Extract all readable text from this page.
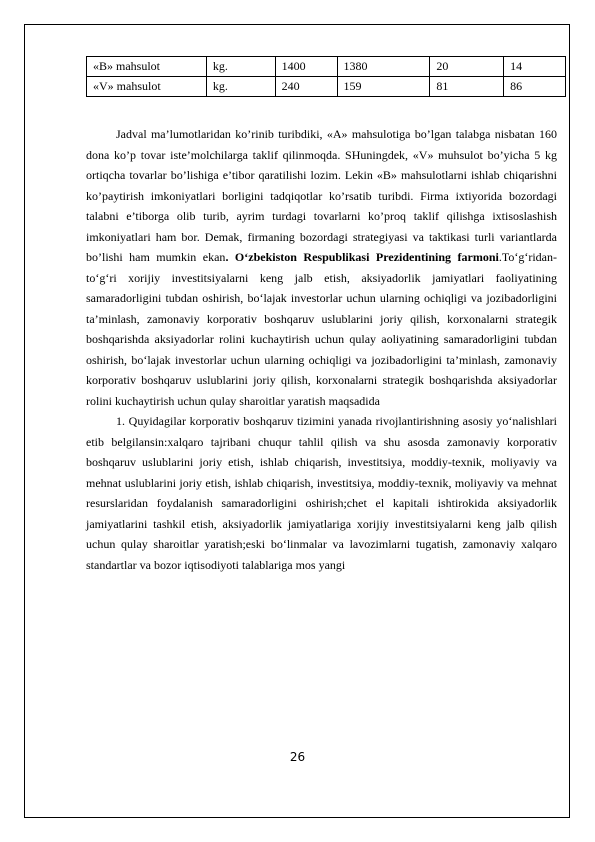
«B» mahsulot	kg.	1400	1380	20	14
«V» mahsulot	kg.	240	159	81	86

Jadval ma’lumotlaridan ko’rinib turibdiki, «A» mahsulotiga bo’lgan talabga nisbatan 160 dona ko’p tovar iste’molchilarga taklif qilinmoqda. SHuningdek, «V» muhsulot bo’yicha 5 kg ortiqcha tovarlar bo’lishiga e’tibor qaratilishi lozim. Lekin «B» mahsulotlarni ishlab chiqarishni ko’paytirish imkoniyatlari borligini tadqiqotlar ko’rsatib turibdi. Firma ixtiyorida bozordagi talabni e’tiborga olib turib, ayrim turdagi tovarlarni ko’proq taklif qilishga ixtisoslashish imkoniyatlari ham bor. Demak, firmaning bozordagi strategiyasi va taktikasi turli variantlarda bo’lishi ham mumkin ekan. O‘zbekiston Respublikasi Prezidentining farmoni.To‘g‘ridan-to‘g‘ri xorijiy investitsiyalarni keng jalb etish, aksiyadorlik jamiyatlari faoliyatining samaradorligini tubdan oshirish, bo‘lajak investorlar uchun ularning ochiqligi va jozibadorligini ta’minlash, zamonaviy korporativ boshqaruv uslublarini joriy qilish, korxonalarni strategik boshqarishda aksiyadorlar rolini kuchaytirish uchun qulay aoliyatining samaradorligini tubdan oshirish, bo‘lajak investorlar uchun ularning ochiqligi va jozibadorligini ta’minlash, zamonaviy korporativ boshqaruv uslublarini joriy qilish, korxonalarni strategik boshqarishda aksiyadorlar rolini kuchaytirish uchun qulay sharoitlar yaratish maqsadida

1. Quyidagilar korporativ boshqaruv tizimini yanada rivojlantirishning asosiy yo‘nalishlari etib belgilansin:xalqaro tajribani chuqur tahlil qilish va shu asosda zamonaviy korporativ boshqaruv uslublarini joriy etish, ishlab chiqarish, investitsiya, moddiy-texnik, moliyaviy va mehnat uslublarini joriy etish, ishlab chiqarish, investitsiya, moddiy-texnik, moliyaviy va mehnat resurslaridan foydalanish samaradorligini oshirish;chet el kapitali ishtirokida aksiyadorlik jamiyatlarini tashkil etish, aksiyadorlik jamiyatlariga xorijiy investitsiyalarni keng jalb qilish uchun qulay sharoitlar yaratish;eski bo‘linmalar va lavozimlarni tugatish, zamonaviy xalqaro standartlar va bozor iqtisodiyoti talablariga mos yangi

26
